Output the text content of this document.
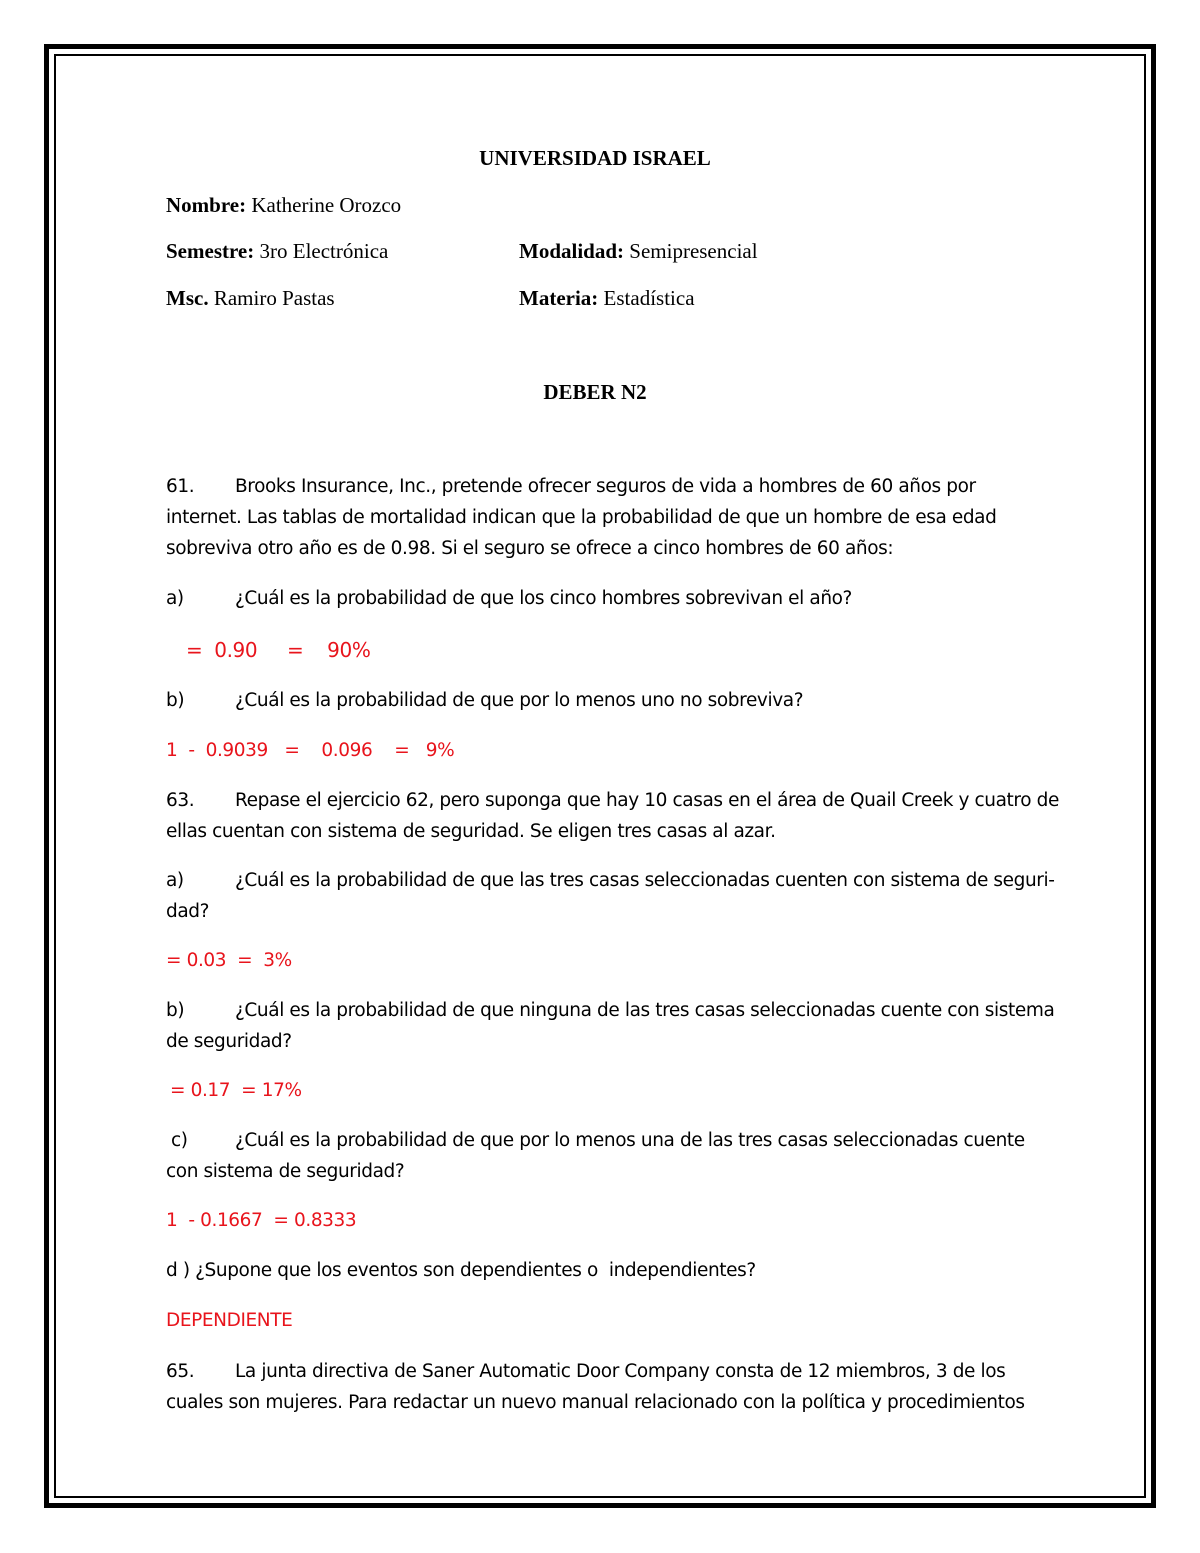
UNIVERSIDAD ISRAEL
Nombre: Katherine Orozco
Semestre: 3ro Electrónica	Modalidad: Semipresencial
Msc. Ramiro Pastas	Materia: Estadística
DEBER N2
61. Brooks Insurance, Inc., pretende ofrecer seguros de vida a hombres de 60 años por
internet. Las tablas de mortalidad indican que la probabilidad de que un hombre de esa edad
sobreviva otro año es de 0.98. Si el seguro se ofrece a cinco hombres de 60 años:
a)	¿Cuál es la probabilidad de que los cinco hombres sobrevivan el año?
=  0.90     =    90%
b)	¿Cuál es la probabilidad de que por lo menos uno no sobreviva?
1  -  0.9039   =    0.096    =   9%
63. Repase el ejercicio 62, pero suponga que hay 10 casas en el área de Quail Creek y cuatro de
ellas cuentan con sistema de seguridad. Se eligen tres casas al azar.
a)	¿Cuál es la probabilidad de que las tres casas seleccionadas cuenten con sistema de seguri-
dad?
= 0.03  =  3%
b)	¿Cuál es la probabilidad de que ninguna de las tres casas seleccionadas cuente con sistema
de seguridad?
= 0.17  = 17%
c)	¿Cuál es la probabilidad de que por lo menos una de las tres casas seleccionadas cuente
con sistema de seguridad?
1  - 0.1667  = 0.8333
d ) ¿Supone que los eventos son dependientes o  independientes?
DEPENDIENTE
65. La junta directiva de Saner Automatic Door Company consta de 12 miembros, 3 de los
cuales son mujeres. Para redactar un nuevo manual relacionado con la política y procedimientos
